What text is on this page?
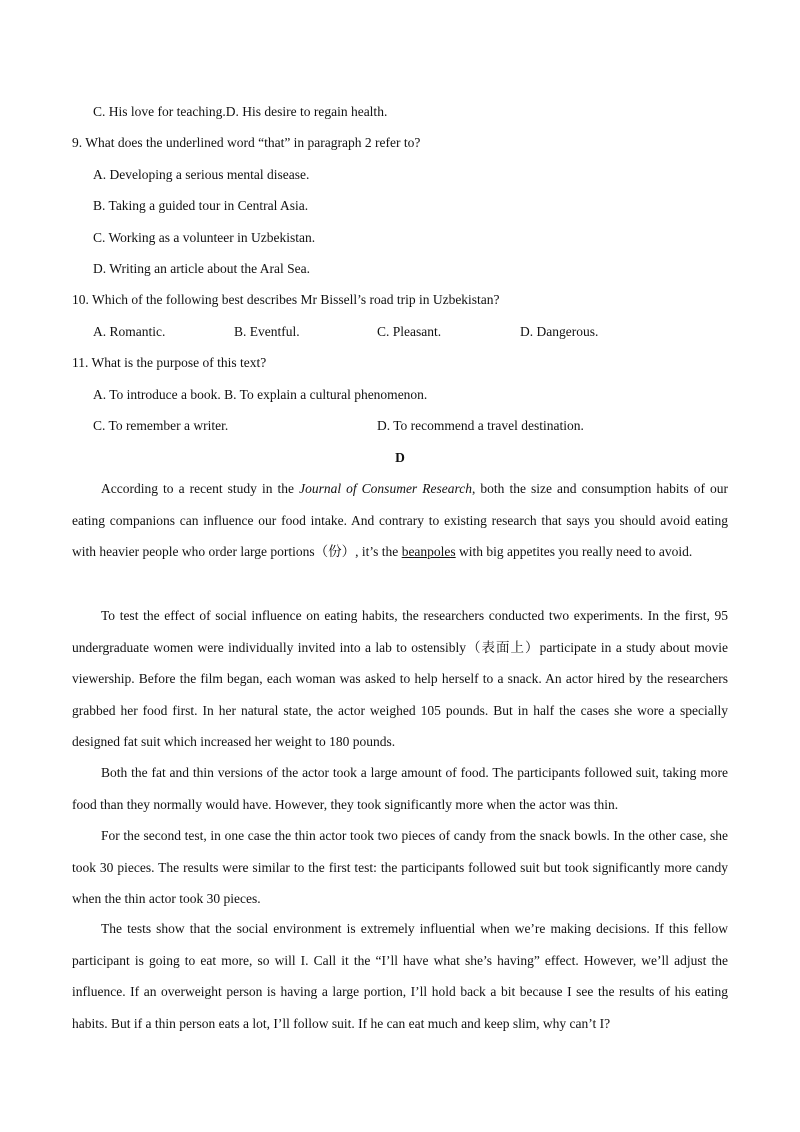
C. His love for teaching.D. His desire to regain health.
9. What does the underlined word “that” in paragraph 2 refer to?
A. Developing a serious mental disease.
B. Taking a guided tour in Central Asia.
C. Working as a volunteer in Uzbekistan.
D. Writing an article about the Aral Sea.
10. Which of the following best describes Mr Bissell’s road trip in Uzbekistan?
A. Romantic.	B. Eventful.	C. Pleasant.	D. Dangerous.
11. What is the purpose of this text?
A. To introduce a book. B. To explain a cultural phenomenon.
C. To remember a writer.	D. To recommend a travel destination.
D
According to a recent study in the Journal of Consumer Research, both the size and consumption habits of our eating companions can influence our food intake. And contrary to existing research that says you should avoid eating with heavier people who order large portions（份）, it’s the beanpoles with big appetites you really need to avoid.
To test the effect of social influence on eating habits, the researchers conducted two experiments. In the first, 95 undergraduate women were individually invited into a lab to ostensibly（表面上）participate in a study about movie viewership. Before the film began, each woman was asked to help herself to a snack. An actor hired by the researchers grabbed her food first. In her natural state, the actor weighed 105 pounds. But in half the cases she wore a specially designed fat suit which increased her weight to 180 pounds.
Both the fat and thin versions of the actor took a large amount of food. The participants followed suit, taking more food than they normally would have. However, they took significantly more when the actor was thin.
For the second test, in one case the thin actor took two pieces of candy from the snack bowls. In the other case, she took 30 pieces. The results were similar to the first test: the participants followed suit but took significantly more candy when the thin actor took 30 pieces.
The tests show that the social environment is extremely influential when we’re making decisions. If this fellow participant is going to eat more, so will I. Call it the “I’ll have what she’s having” effect. However, we’ll adjust the influence. If an overweight person is having a large portion, I’ll hold back a bit because I see the results of his eating habits. But if a thin person eats a lot, I’ll follow suit. If he can eat much and keep slim, why can’t I?
